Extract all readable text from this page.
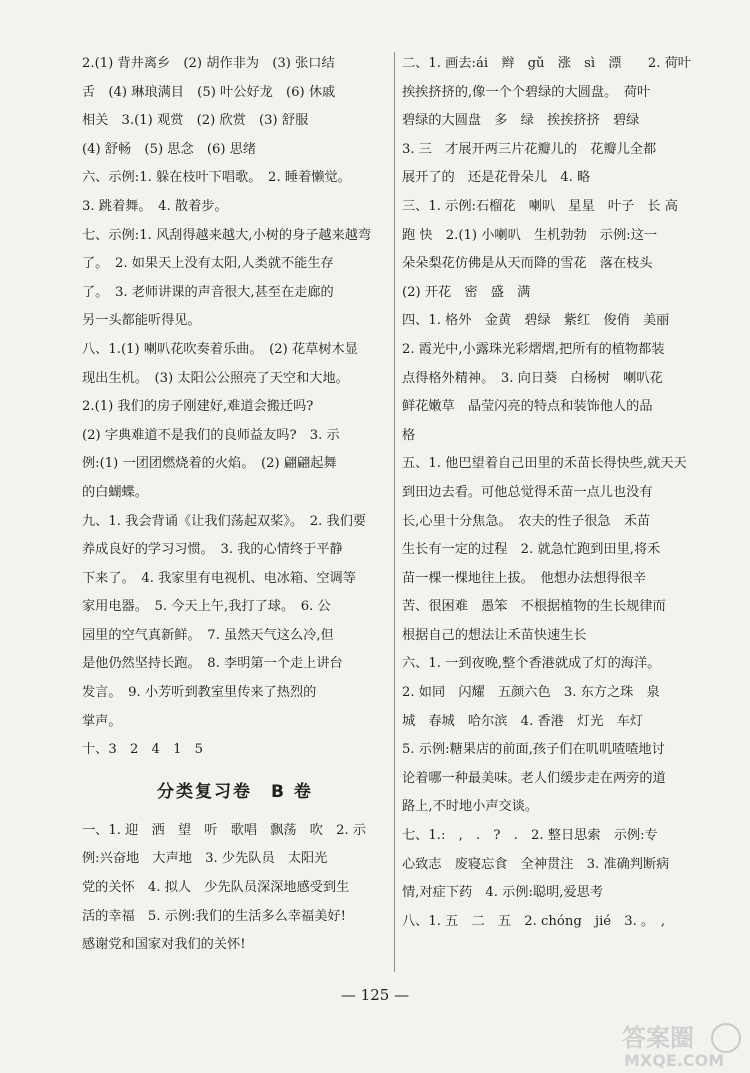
2.(1) 背井离乡　(2) 胡作非为　(3) 张口结
舌　(4) 琳琅满目　(5) 叶公好龙　(6) 休戚
相关　3.(1) 观赏　(2) 欣赏　(3) 舒服
(4) 舒畅　(5) 思念　(6) 思绪
六、示例:1. 躲在枝叶下唱歌。　2. 睡着懒觉。
3. 跳着舞。　4. 散着步。
七、示例:1. 风刮得越来越大,小树的身子越来越弯
了。　2. 如果天上没有太阳,人类就不能生存
了。　3. 老师讲课的声音很大,甚至在走廊的
另一头都能听得见。
八、1.(1) 喇叭花吹奏着乐曲。　(2) 花草树木显
现出生机。　(3) 太阳公公照亮了天空和大地。
2.(1) 我们的房子刚建好,难道会搬迁吗?
(2) 字典难道不是我们的良师益友吗?　3. 示
例:(1) 一团团燃烧着的火焰。　(2) 翩翩起舞
的白蝴蝶。
九、1. 我会背诵《让我们荡起双桨》。　2. 我们要
养成良好的学习习惯。　3. 我的心情终于平静
下来了。　4. 我家里有电视机、电冰箱、空调等
家用电器。　5. 今天上午,我打了球。　6. 公
园里的空气真新鲜。　7. 虽然天气这么冷,但
是他仍然坚持长跑。　8. 李明第一个走上讲台
发言。　9. 小芳听到教室里传来了热烈的
掌声。
十、3　2　4　1　5
分类复习卷　B 卷
一、1. 迎　洒　望　听　歌唱　飘荡　吹　2. 示
例:兴奋地　大声地　3. 少先队员　太阳光
党的关怀　4. 拟人　少先队员深深地感受到生
活的幸福　5. 示例:我们的生活多么幸福美好!
感谢党和国家对我们的关怀!
二、1. 画去:ái　辫　gǔ　涨　sì　漂　　2. 荷叶
挨挨挤挤的,像一个个碧绿的大圆盘。　荷叶
碧绿的大圆盘　多　绿　挨挨挤挤　碧绿
3. 三　才展开两三片花瓣儿的　花瓣儿全都
展开了的　还是花骨朵儿　4. 略
三、1. 示例:石榴花　喇叭　星星　叶子　长 高
跑 快　2.(1) 小喇叭　生机勃勃　示例:这一
朵朵梨花仿佛是从天而降的雪花　落在枝头
(2) 开花　密　盛　满
四、1. 格外　金黄　碧绿　紫红　俊俏　美丽
2. 霞光中,小露珠光彩熠熠,把所有的植物都装
点得格外精神。　3. 向日葵　白杨树　喇叭花
鲜花嫩草　晶莹闪亮的特点和装饰他人的品
格
五、1. 他巴望着自己田里的禾苗长得快些,就天天
到田边去看。可他总觉得禾苗一点儿也没有
长,心里十分焦急。　农夫的性子很急　禾苗
生长有一定的过程　2. 就急忙跑到田里,将禾
苗一棵一棵地往上拔。　他想办法想得很辛
苦、很困难　愚笨　不根据植物的生长规律而
根据自己的想法让禾苗快速生长
六、1. 一到夜晚,整个香港就成了灯的海洋。
2. 如同　闪耀　五颜六色　3. 东方之珠　泉
城　春城　哈尔滨　4. 香港　灯光　车灯
5. 示例:糖果店的前面,孩子们在叽叽喳喳地讨
论着哪一种最美味。老人们缓步走在两旁的道
路上,不时地小声交谈。
七、1.:　,　.　?　.　2. 整日思索　示例:专
心致志　废寝忘食　全神贯注　3. 准确判断病
情,对症下药　4. 示例:聪明,爱思考
八、1. 五　二　五　2. chóng　jié　3. 。　,
— 125 —
答案圈
MXQE.COM
